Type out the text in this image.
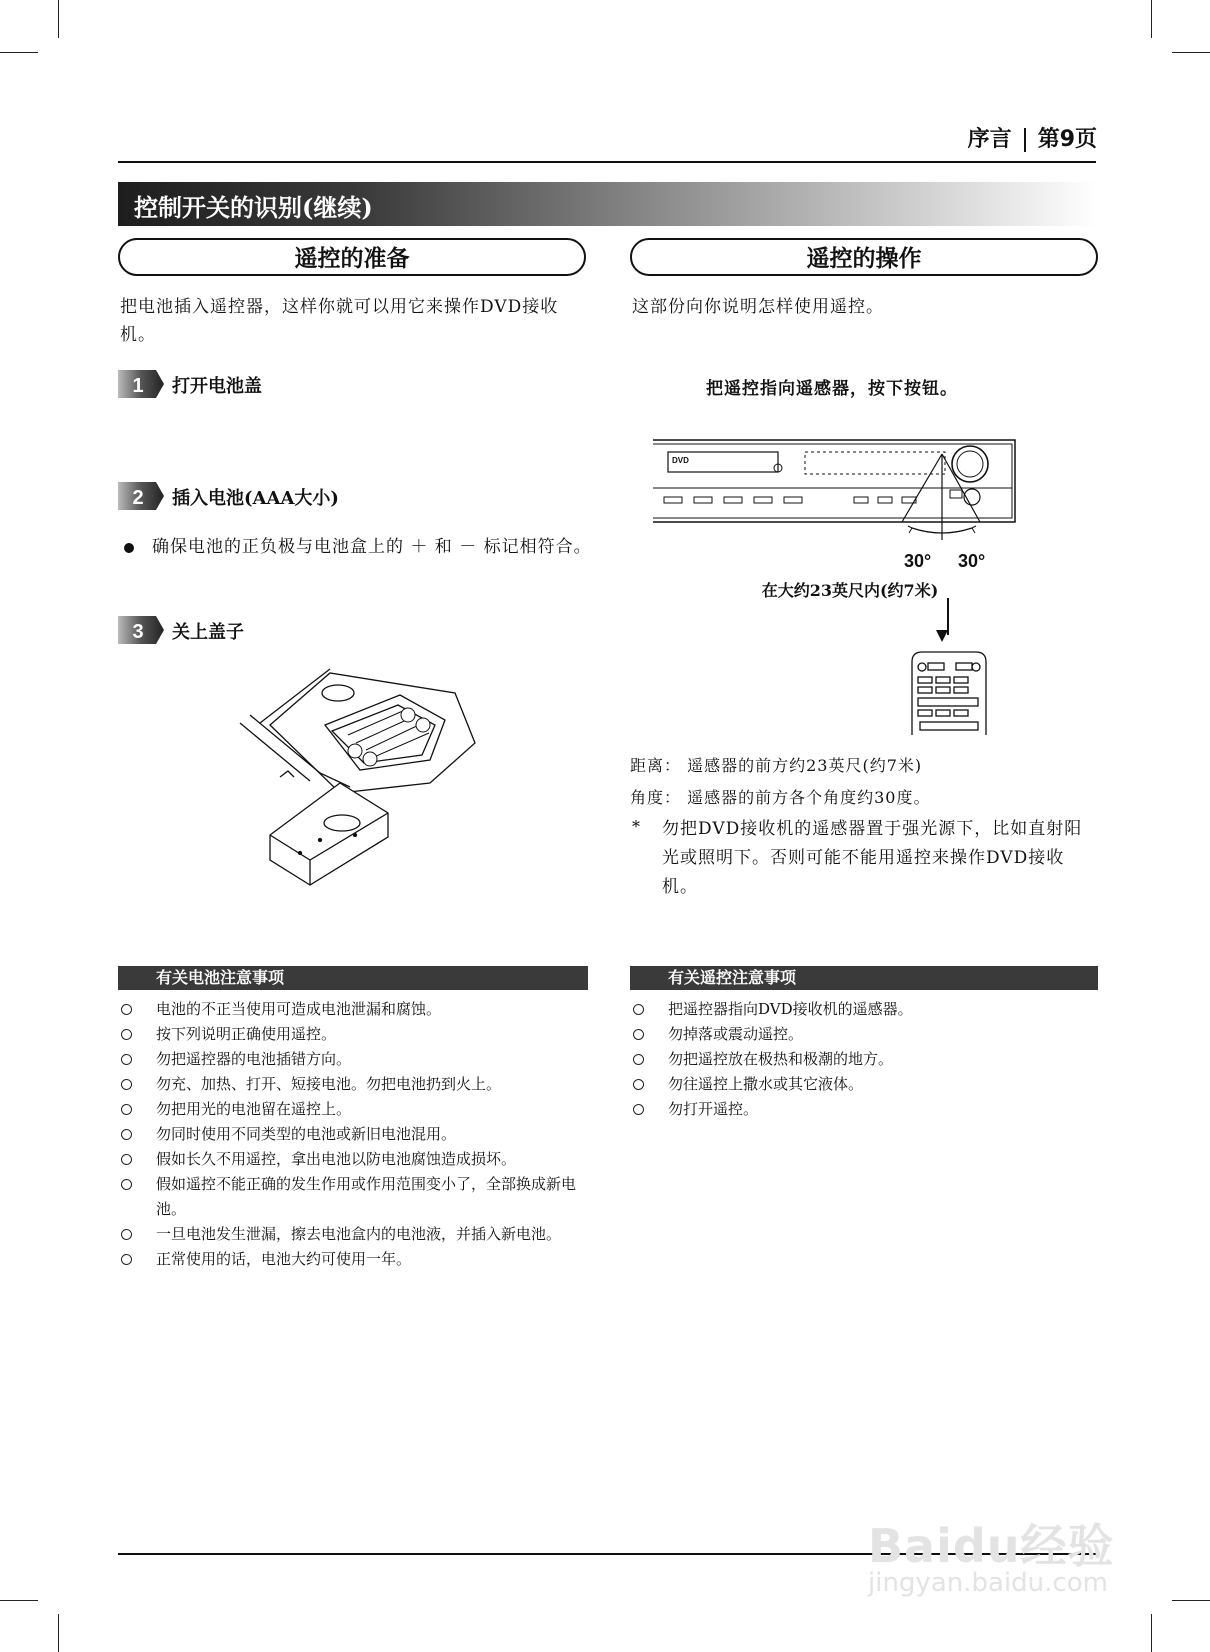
序言 第9页
控制开关的识别(继续)
遥控的准备
把电池插入遥控器，这样你就可以用它来操作DVD接收机。
1 打开电池盖
2 插入电池(AAA大小)
确保电池的正负极与电池盒上的 ＋ 和 － 标记相符合。
3 关上盖子
有关电池注意事项
电池的不正当使用可造成电池泄漏和腐蚀。
按下列说明正确使用遥控。
勿把遥控器的电池插错方向。
勿充、加热、打开、短接电池。勿把电池扔到火上。
勿把用光的电池留在遥控上。
勿同时使用不同类型的电池或新旧电池混用。
假如长久不用遥控，拿出电池以防电池腐蚀造成损坏。
假如遥控不能正确的发生作用或作用范围变小了，全部换成新电池。
一旦电池发生泄漏，擦去电池盒内的电池液，并插入新电池。
正常使用的话，电池大约可使用一年。
遥控的操作
这部份向你说明怎样使用遥控。
把遥控指向遥感器，按下按钮。
DVD
30° 30°
在大约23英尺内(约7米)
距离： 遥感器的前方约23英尺(约7米)
角度： 遥感器的前方各个角度约30度。
* 勿把DVD接收机的遥感器置于强光源下，比如直射阳光或照明下。否则可能不能用遥控来操作DVD接收机。
有关遥控注意事项
把遥控器指向DVD接收机的遥感器。
勿掉落或震动遥控。
勿把遥控放在极热和极潮的地方。
勿往遥控上撒水或其它液体。
勿打开遥控。
Baidu经验
jingyan.baidu.com
